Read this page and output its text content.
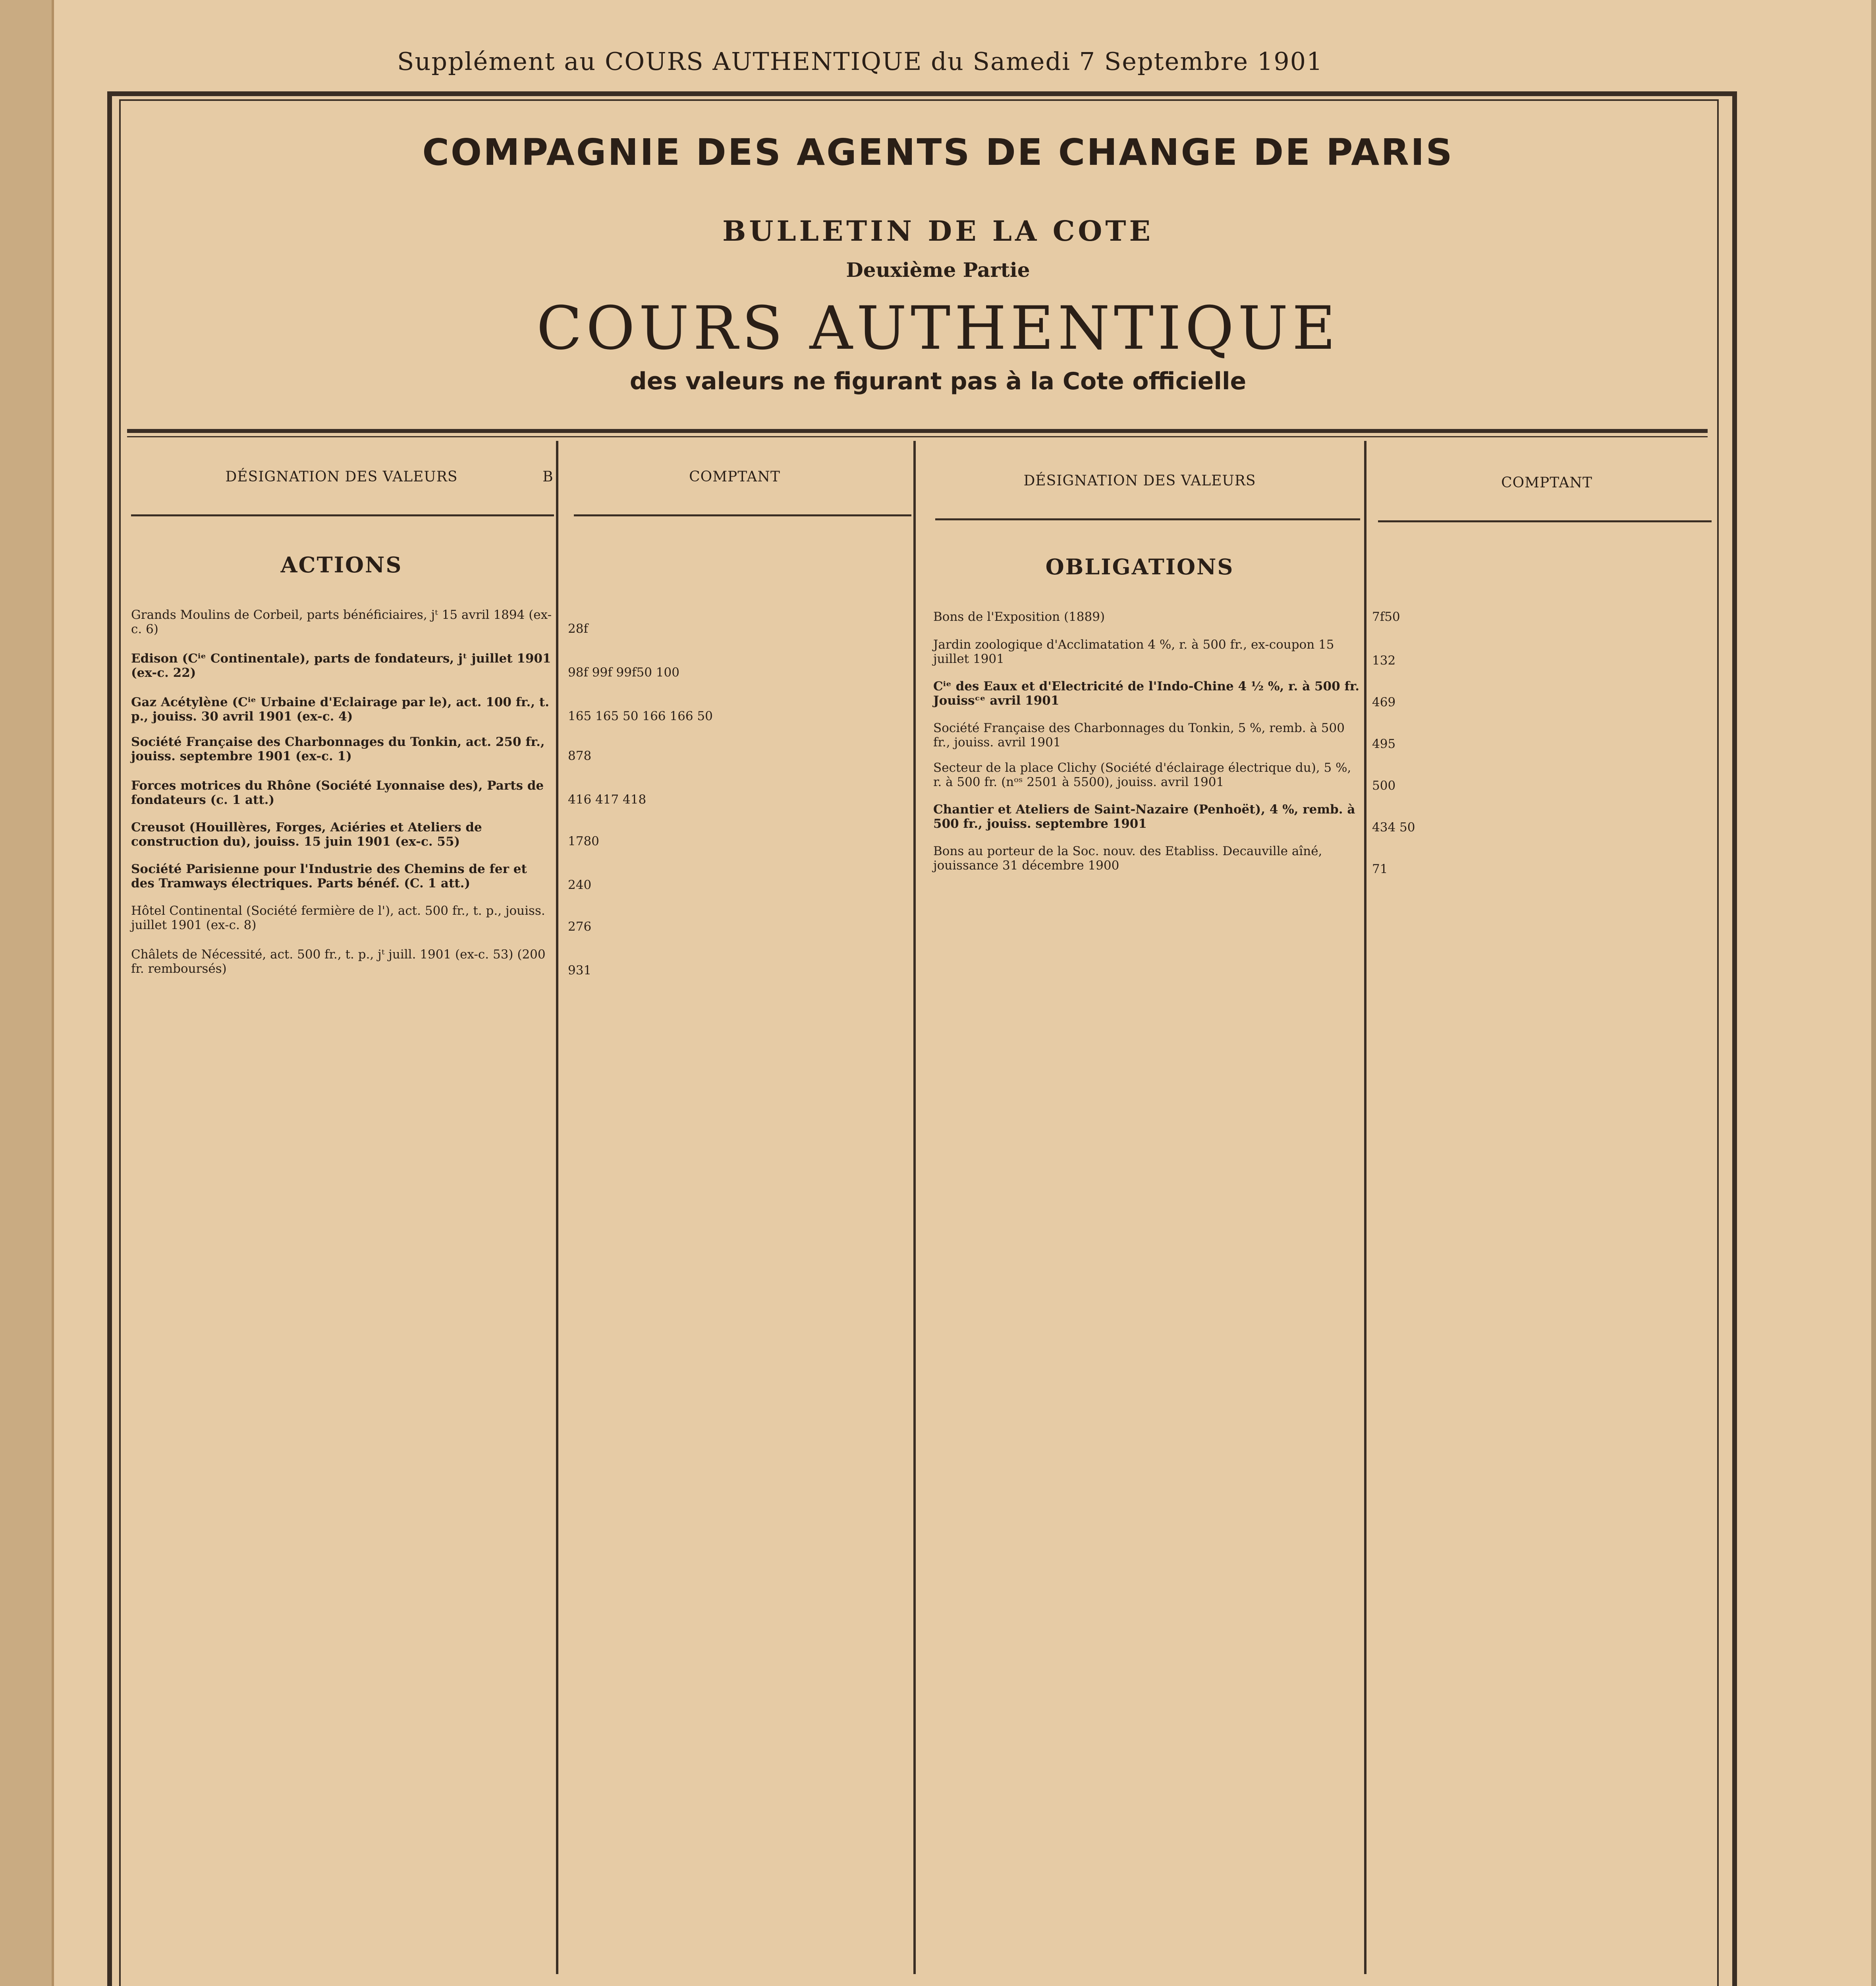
Supplément au COURS AUTHENTIQUE du Samedi 7 Septembre 1901
COMPAGNIE DES AGENTS DE CHANGE DE PARIS
BULLETIN DE LA COTE
Deuxième Partie
COURS AUTHENTIQUE
des valeurs ne figurant pas à la Cote officielle
DÉSIGNATION DES VALEURS	B	COMPTANT	DÉSIGNATION DES VALEURS	COMPTANT
ACTIONS	OBLIGATIONS
Grands Moulins de Corbeil, parts bénéficiaires, jᵗ 15 avril 1894 (ex-c. 6)	28f
Edison (Cⁱᵉ Continentale), parts de fondateurs, jᵗ juillet 1901 (ex-c. 22)	98f 99f 99f50 100
Gaz Acétylène (Cⁱᵉ Urbaine d'Eclairage par le), act. 100 fr., t. p., jouiss. 30 avril 1901 (ex-c. 4)	165 165 50 166 166 50
Société Française des Charbonnages du Tonkin, act. 250 fr., jouiss. septembre 1901 (ex-c. 1)	878
Forces motrices du Rhône (Société Lyonnaise des), Parts de fondateurs (c. 1 att.)	416 417 418
Creusot (Houillères, Forges, Aciéries et Ateliers de construction du), jouiss. 15 juin 1901 (ex-c. 55)	1780
Société Parisienne pour l'Industrie des Chemins de fer et des Tramways électriques. Parts bénéf. (C. 1 att.)	240
Hôtel Continental (Société fermière de l'), act. 500 fr., t. p., jouiss. juillet 1901 (ex-c. 8)	276
Châlets de Nécessité, act. 500 fr., t. p., jᵗ juill. 1901 (ex-c. 53) (200 fr. remboursés)	931
Bons de l'Exposition (1889)	7f50
Jardin zoologique d'Acclimatation 4 %, r. à 500 fr., ex-coupon 15 juillet 1901	132
Cⁱᵉ des Eaux et d'Electricité de l'Indo-Chine 4 ½ %, r. à 500 fr. Jouissᶜᵉ avril 1901	469
Société Française des Charbonnages du Tonkin, 5 %, remb. à 500 fr., jouiss. avril 1901	495
Secteur de la place Clichy (Société d'éclairage électrique du), 5 %, r. à 500 fr. (nᵒˢ 2501 à 5500), jouiss. avril 1901	500
Chantier et Ateliers de Saint-Nazaire (Penhoët), 4 %, remb. à 500 fr., jouiss. septembre 1901	434 50
Bons au porteur de la Soc. nouv. des Etabliss. Decauville aîné, jouissance 31 décembre 1900	71
